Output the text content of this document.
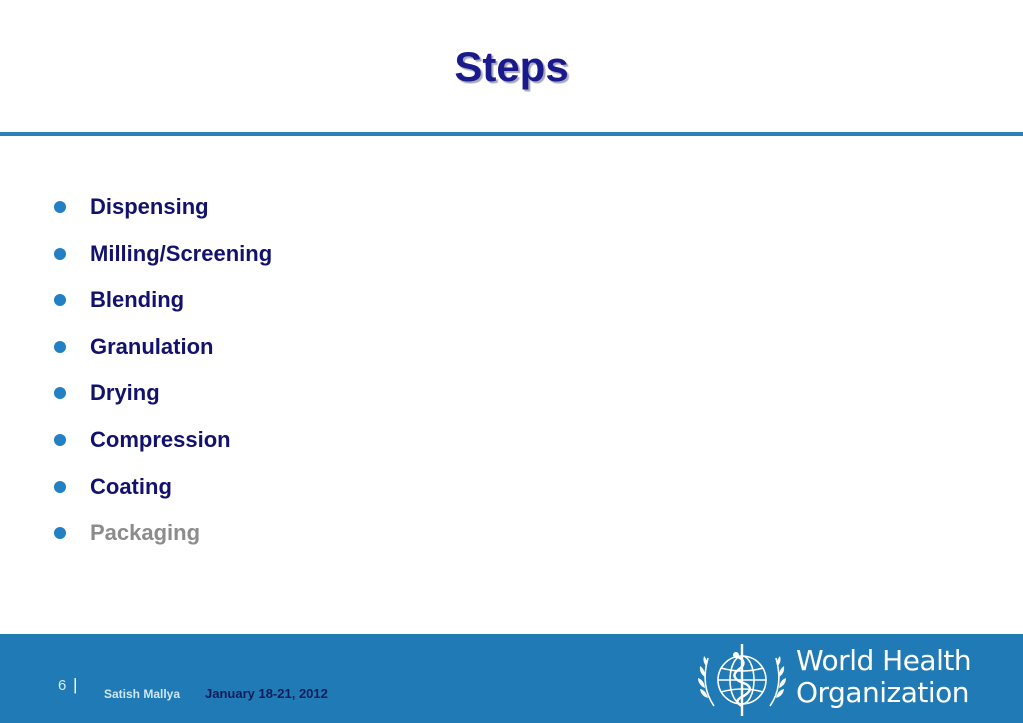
Steps
Dispensing
Milling/Screening
Blending
Granulation
Drying
Compression
Coating
Packaging
6 | Satish Mallya January 18-21, 2012
World Health
Organization
